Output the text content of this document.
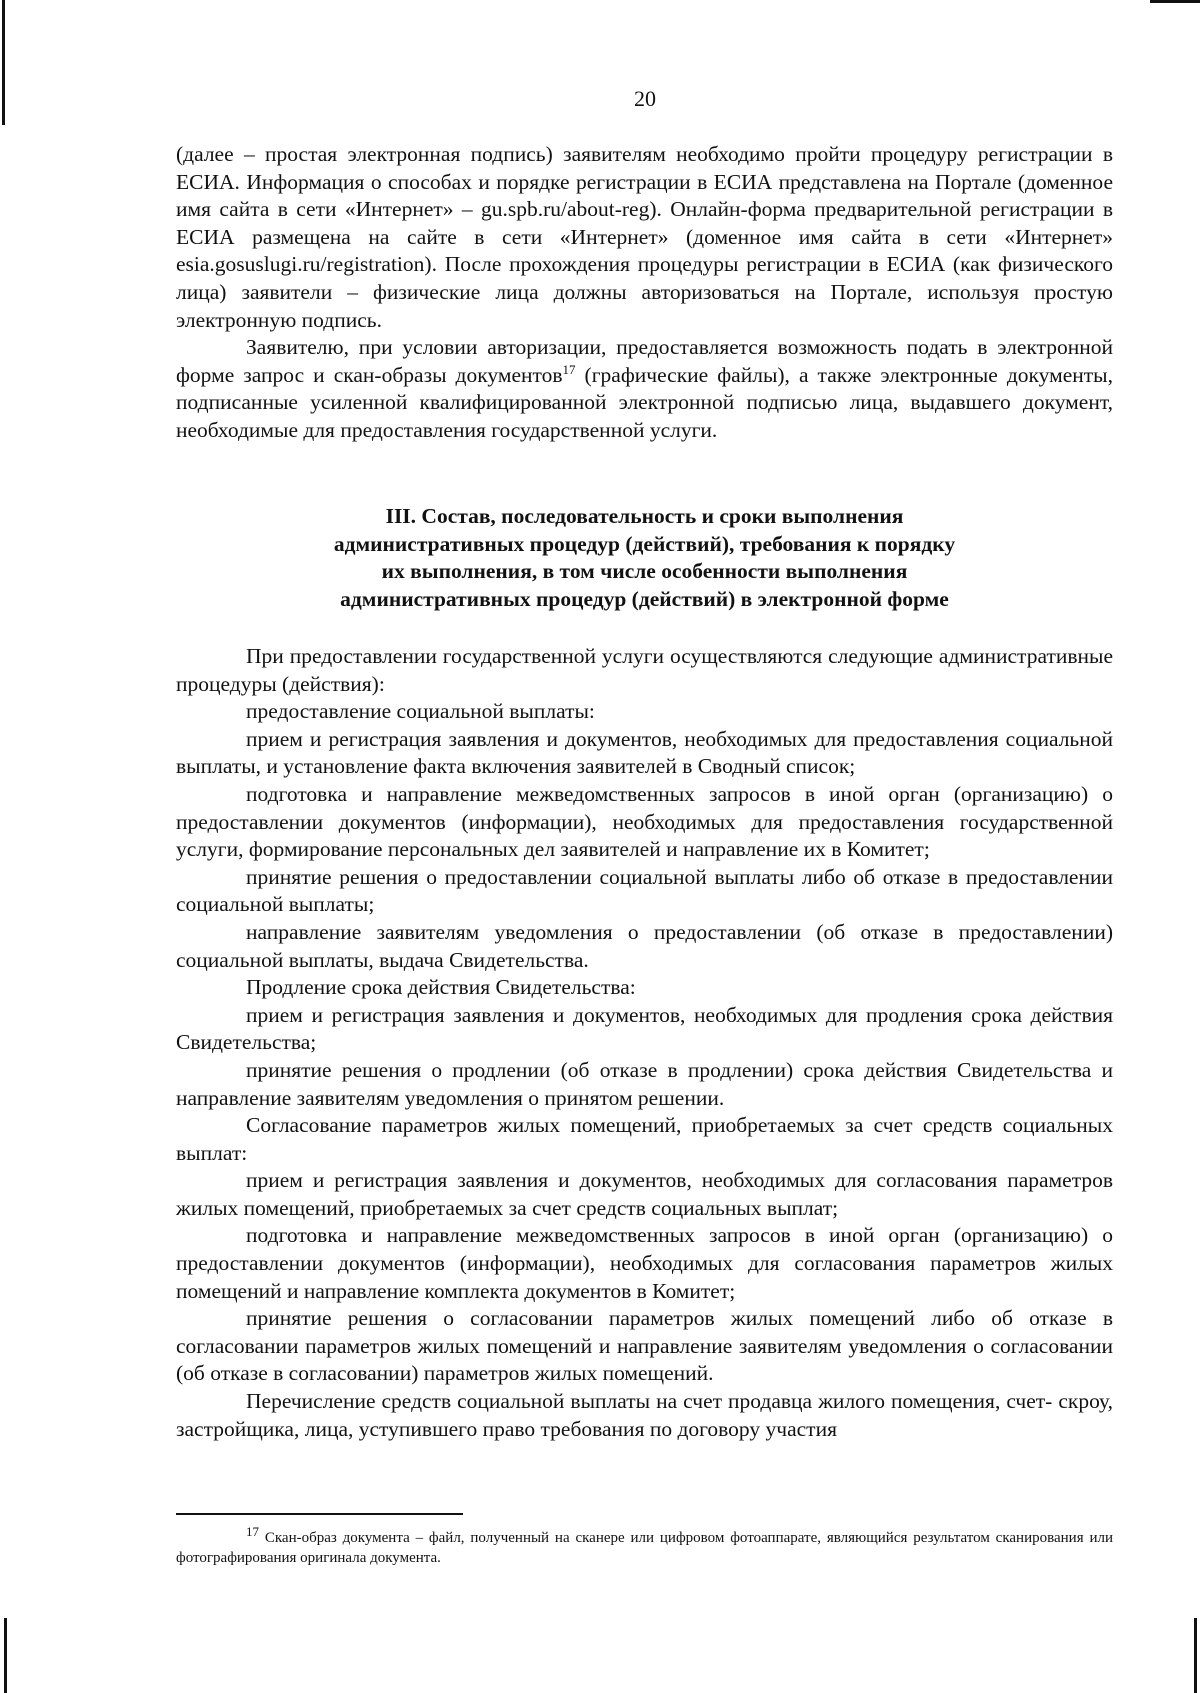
20

(далее – простая электронная подпись) заявителям необходимо пройти процедуру регистрации в ЕСИА. Информация о способах и порядке регистрации в ЕСИА представлена на Портале (доменное имя сайта в сети «Интернет» – gu.spb.ru/about-reg). Онлайн-форма предварительной регистрации в ЕСИА размещена на сайте в сети «Интернет» (доменное имя сайта в сети «Интернет» esia.gosuslugi.ru/registration). После прохождения процедуры регистрации в ЕСИА (как физического лица) заявители – физические лица должны авторизоваться на Портале, используя простую электронную подпись.

Заявителю, при условии авторизации, предоставляется возможность подать в электронной форме запрос и скан-образы документов$^{17}$ (графические файлы), а также электронные документы, подписанные усиленной квалифицированной электронной подписью лица, выдавшего документ, необходимые для предоставления государственной услуги.

III. Состав, последовательность и сроки выполнения
административных процедур (действий), требования к порядку
их выполнения, в том числе особенности выполнения
административных процедур (действий) в электронной форме

При предоставлении государственной услуги осуществляются следующие административные процедуры (действия):

предоставление социальной выплаты:

прием и регистрация заявления и документов, необходимых для предоставления социальной выплаты, и установление факта включения заявителей в Сводный список;

подготовка и направление межведомственных запросов в иной орган (организацию) о предоставлении документов (информации), необходимых для предоставления государственной услуги, формирование персональных дел заявителей и направление их в Комитет;

принятие решения о предоставлении социальной выплаты либо об отказе в предоставлении социальной выплаты;

направление заявителям уведомления о предоставлении (об отказе в предоставлении) социальной выплаты, выдача Свидетельства.

Продление срока действия Свидетельства:

прием и регистрация заявления и документов, необходимых для продления срока действия Свидетельства;

принятие решения о продлении (об отказе в продлении) срока действия Свидетельства и направление заявителям уведомления о принятом решении.

Согласование параметров жилых помещений, приобретаемых за счет средств социальных выплат:

прием и регистрация заявления и документов, необходимых для согласования параметров жилых помещений, приобретаемых за счет средств социальных выплат;

подготовка и направление межведомственных запросов в иной орган (организацию) о предоставлении документов (информации), необходимых для согласования параметров жилых помещений и направление комплекта документов в Комитет;

принятие решения о согласовании параметров жилых помещений либо об отказе в согласовании параметров жилых помещений и направление заявителям уведомления о согласовании (об отказе в согласовании) параметров жилых помещений.

Перечисление средств социальной выплаты на счет продавца жилого помещения, счет- скроу, застройщика, лица, уступившего право требования по договору участия

$^{17}$ Скан-образ документа – файл, полученный на сканере или цифровом фотоаппарате, являющийся результатом сканирования или фотографирования оригинала документа.
